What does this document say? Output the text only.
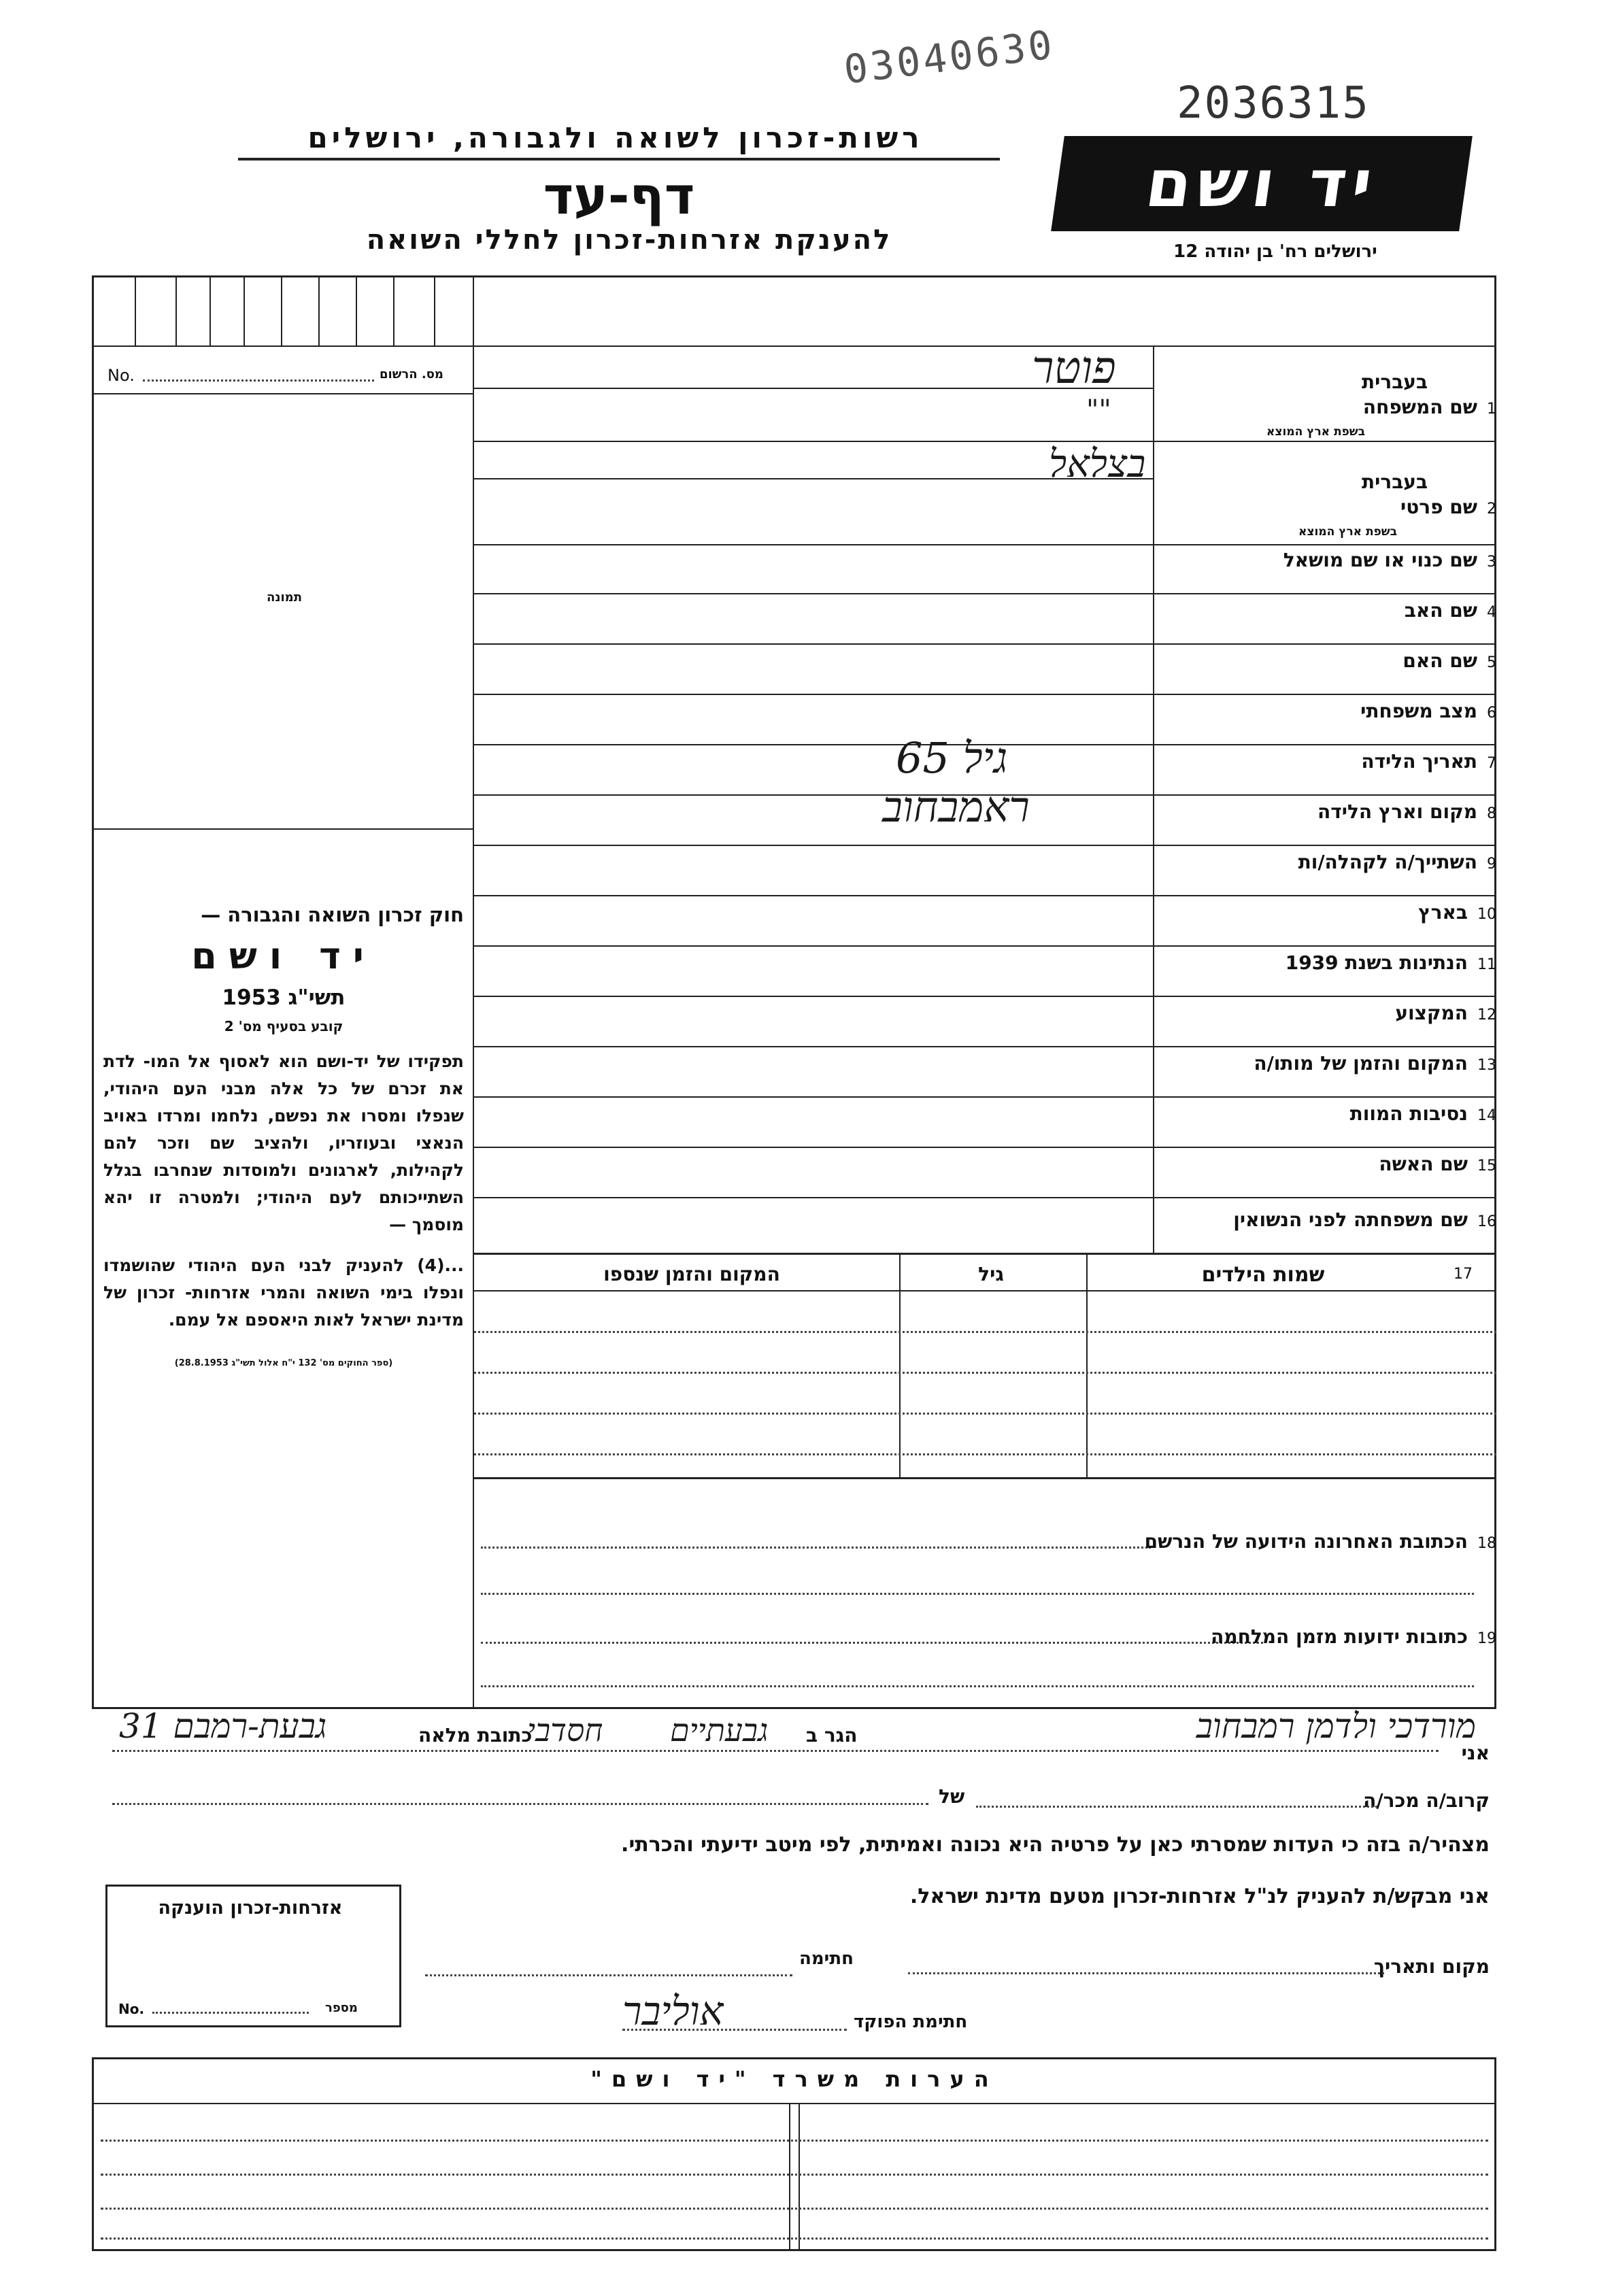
03040630
2036315
רשות-זכרון לשואה ולגבורה, ירושלים
דף-עד
להענקת אזרחות-זכרון לחללי השואה
יד ושם
ירושלים רח' בן יהודה 12
No.	מס. הרשום
תמונה

חוק זכרון השואה והגבורה —

יד ושם

תשי"ג 1953

קובע בסעיף מס' 2

תפקידו של יד-ושם הוא לאסוף אל המו- לדת את זכרם של כל אלה מבני העם היהודי, שנפלו ומסרו את נפשם, נלחמו ומרדו באויב הנאצי ובעוזריו, ולהציב שם וזכר להם לקהילות, לארגונים ולמוסדות שנחרבו בגלל השתייכותם לעם היהודי; ולמטרה זו יהא מוסמך —

...(4) להעניק לבני העם היהודי שהושמדו ונפלו בימי השואה והמרי אזרחות- זכרון של מדינת ישראל לאות היאספם אל עמם.

(ספר החוקים מס' 132 י"ח אלול תשי"ג 28.8.1953)

בעברית
1שם המשפחה
בשפת ארץ המוצא
פוטר
""
בעברית
2שם פרטי
בשפת ארץ המוצא
בצלאל
3שם כנוי או שם מושאל
4שם האב
5שם האם
6מצב משפחתי
7תאריך הלידה
גיל 65
8מקום וארץ הלידה
ראמבחוב
9השתייך/ה לקהלה/ות
10בארץ
11הנתינות בשנת 1939
12המקצוע
13המקום והזמן של מותו/ה
14נסיבות המוות
15שם האשה
16שם משפחתה לפני הנשואין
המקום והזמן שנספו	גיל	שמות הילדים	17
18הכתובת האחרונה הידועה של הנרשם
19כתובות ידועות מזמן המלחמה
אני
מורדכי ולדמן רמבחוב
הגר ב
גבעתיים
חסדבי
כתובת מלאה
גבעת-רמבם 31
קרוב/ה מכר/ה
של
מצהיר/ה בזה כי העדות שמסרתי כאן על פרטיה היא נכונה ואמיתית, לפי מיטב ידיעתי והכרתי.
אני מבקש/ת להעניק לנ"ל אזרחות-זכרון מטעם מדינת ישראל.
מקום ותאריך
חתימה
חתימת הפוקד
אוליבר
אזרחות-זכרון הוענקה
No.	מספר
הערות משרד "יד ושם"
